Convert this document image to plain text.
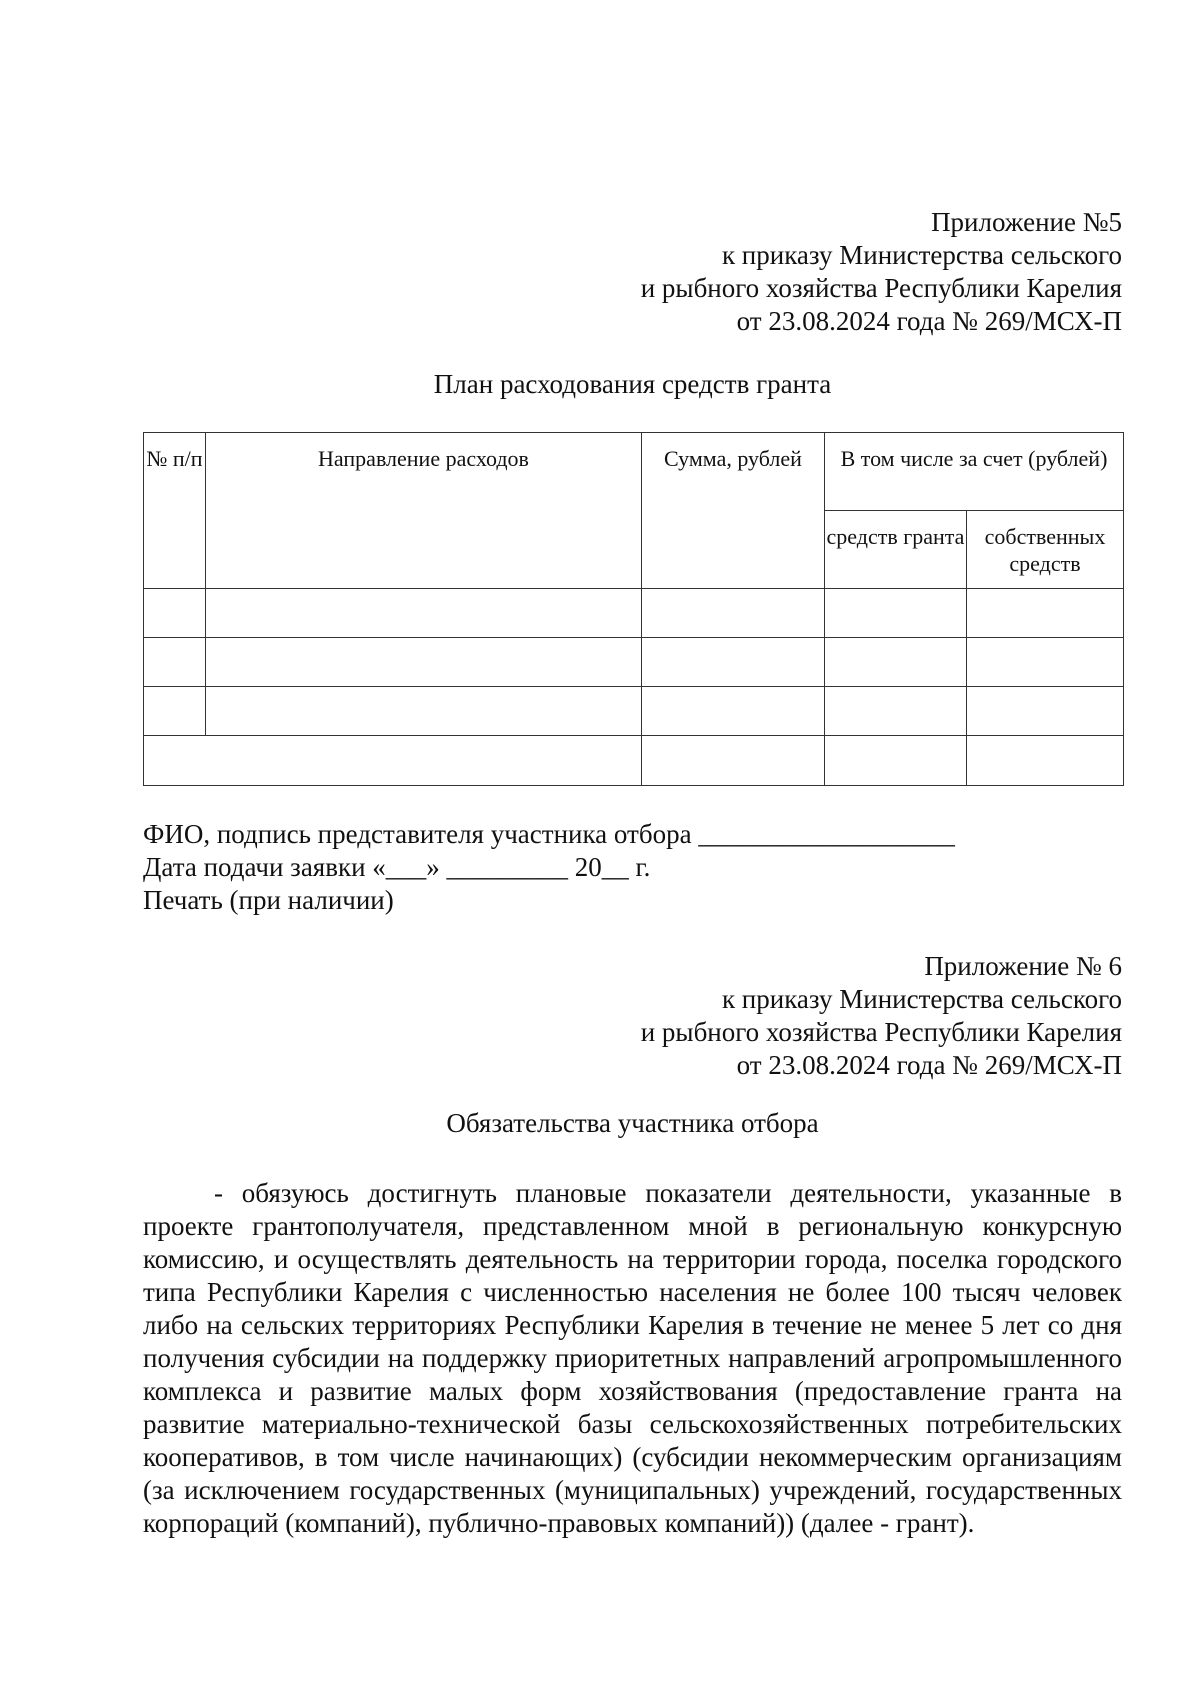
Приложение №5
к приказу Министерства сельского
и рыбного хозяйства Республики Карелия
от 23.08.2024 года № 269/МСХ-П
План расходования средств гранта
№ п/п	Направление расходов	Сумма, рублей	В том числе за счет (рублей)	

			средств гранта	собственных средств

ФИО, подпись представителя участника отбора ___________________
Дата подачи заявки «___» _________ 20__ г.
Печать (при наличии)
Приложение № 6
к приказу Министерства сельского
и рыбного хозяйства Республики Карелия
от 23.08.2024 года № 269/МСХ-П
Обязательства участника отбора
- обязуюсь достигнуть плановые показатели деятельности, указанные в проекте грантополучателя, представленном мной в региональную конкурсную комиссию, и осуществлять деятельность на территории города, поселка городского типа Республики Карелия с численностью населения не более 100 тысяч человек либо на сельских территориях Республики Карелия в течение не менее 5 лет со дня получения субсидии на поддержку приоритетных направлений агропромышленного комплекса и развитие малых форм хозяйствования (предоставление гранта на развитие материально-технической базы сельскохозяйственных потребительских кооперативов, в том числе начинающих) (субсидии некоммерческим организациям (за исключением государственных (муниципальных) учреждений, государственных корпораций (компаний), публично-правовых компаний)) (далее - грант).
